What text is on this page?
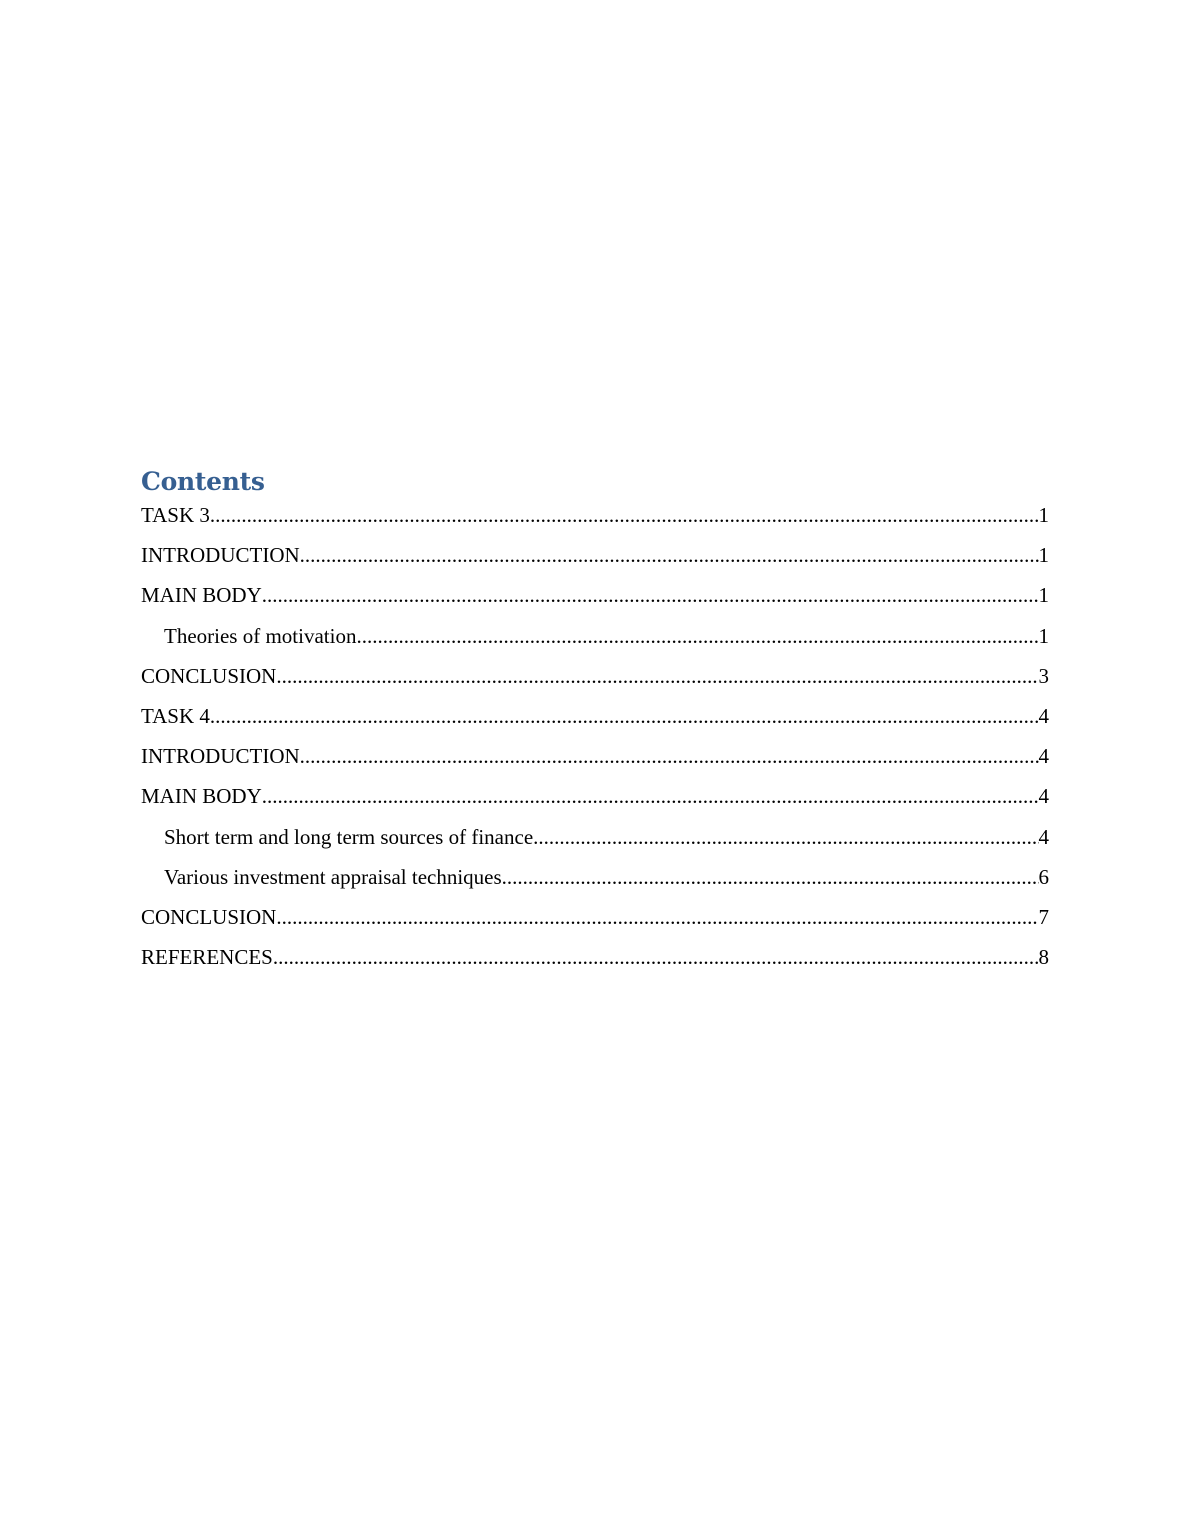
Contents
TASK 3 .....	1
INTRODUCTION .....	1
MAIN BODY .....	1
Theories of motivation .....	1
CONCLUSION .....	3
TASK 4 .....	4
INTRODUCTION .....	4
MAIN BODY .....	4
Short term and long term sources of finance .....	4
Various investment appraisal techniques .....	6
CONCLUSION .....	7
REFERENCES .....	8
